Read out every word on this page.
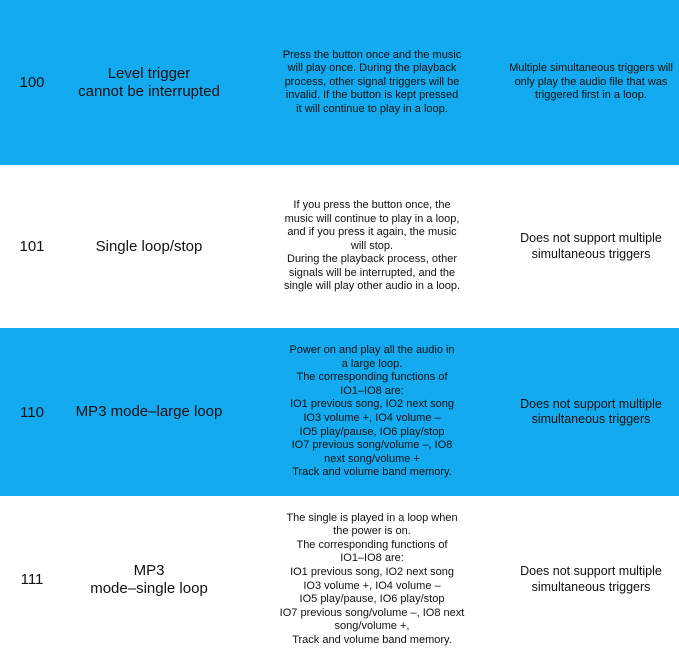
100
Level trigger
cannot be interrupted
Press the button once and the music
will play once. During the playback
process, other signal triggers will be
invalid. If the button is kept pressed
it will continue to play in a loop.
Multiple simultaneous triggers will only play the audio file that was triggered first in a loop.
101	Single loop/stop
If you press the button once, the
music will continue to play in a loop,
and if you press it again, the music
will stop.
During the playback process, other
signals will be interrupted, and the
single will play other audio in a loop.
Does not support multiple simultaneous triggers
110	MP3 mode–large loop
Power on and play all the audio in
a large loop.
The corresponding functions of
IO1–IO8 are:
IO1 previous song, IO2 next song
IO3 volume +, IO4 volume –
IO5 play/pause, IO6 play/stop
IO7 previous song/volume –, IO8
next song/volume +
Track and volume band memory.
Does not support multiple simultaneous triggers
111
MP3
mode–single loop
The single is played in a loop when
the power is on.
The corresponding functions of
IO1–IO8 are:
IO1 previous song, IO2 next song
IO3 volume +, IO4 volume –
IO5 play/pause, IO6 play/stop
IO7 previous song/volume –, IO8 next
song/volume +,
Track and volume band memory.
Does not support multiple simultaneous triggers
